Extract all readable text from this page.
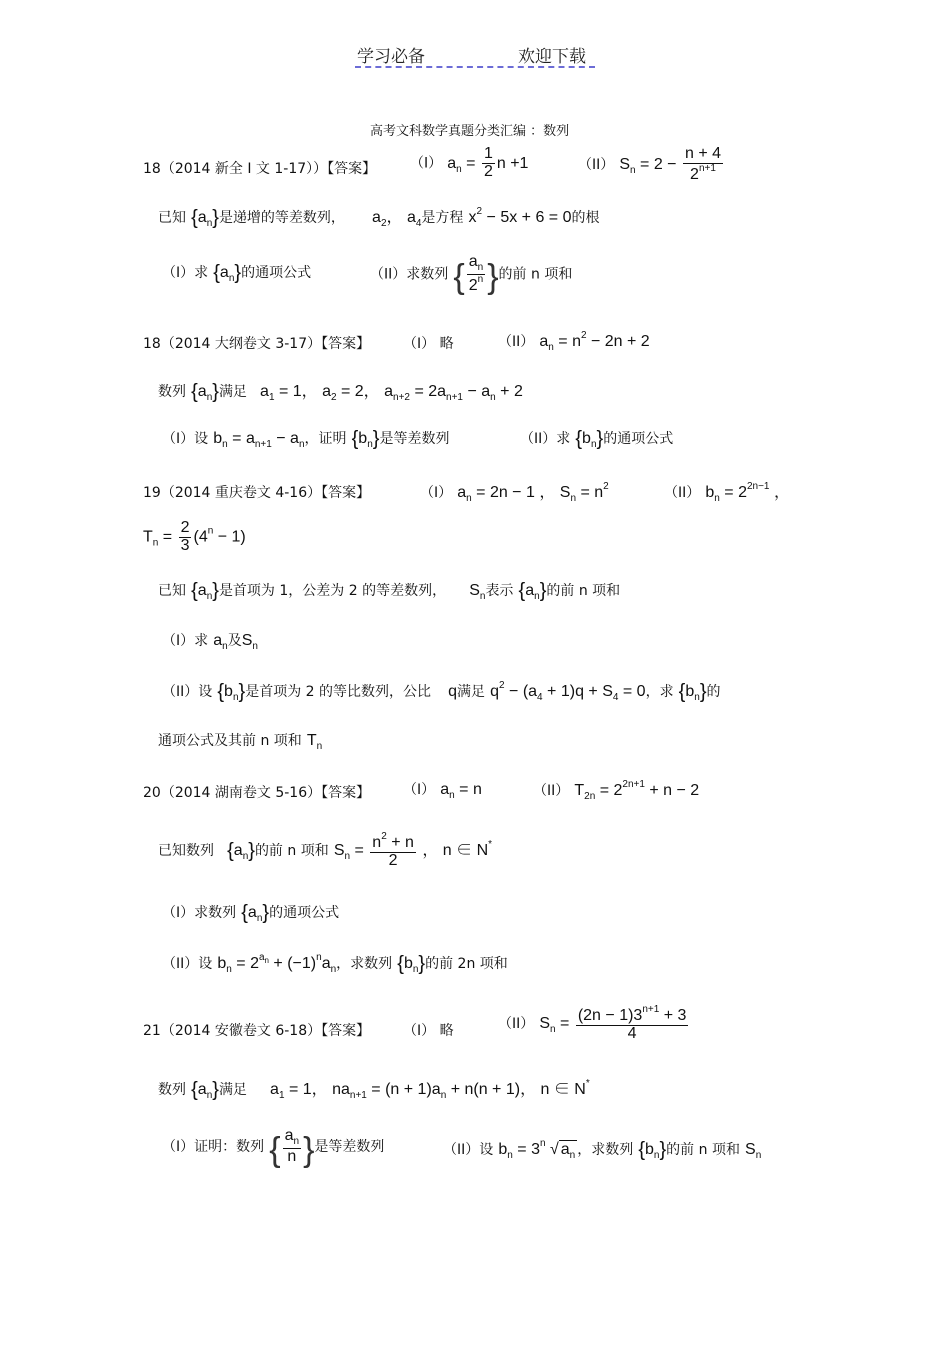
学习必备	欢迎下载
高考文科数学真题分类汇编 ：数列
18（2014 新全 I 文 1-17））【答案】 （I） $a_n = \frac{1}{2}$ n +1	（II） $S_n = 2 - \frac{n + 4}{2^{n+1}}$
已知 $\{a_n\}$是递增的等差数列， $a_2$， $a_4$是方程 $x^2 - 5x + 6 = 0$的根
（I）求 $\{a_n\}$的通项公式	（II）求数列 { $\frac{a_n}{2^n}$ }的前 n 项和
18（2014 大纲卷文 3-17）【答案】 （I） 略	（II） $a_n = n^2 - 2n + 2$
数列 $\{a_n\}$满足 $a_1 = 1$， $a_2 = 2$， $a_{n+2} = 2a_{n+1} - a_n + 2$
（I）设 $b_n = a_{n+1} - a_n$，证明 $\{b_n\}$是等差数列	（II）求 $\{b_n\}$的通项公式
19（2014 重庆卷文 4-16）【答案】	（I） $a_n = 2n - 1$ ， $S_n = n^2$	（II） $b_n = 2^{2n-1}$ ，
$T_n = \frac{2}{3} (4^n - 1)$
已知 $\{a_n\}$是首项为 1，公差为 2 的等差数列， $S_n$表示 $\{a_n\}$的前 n 项和
（I）求 $a_n$及$S_n$
（II）设 $\{b_n\}$是首项为 2 的等比数列，公比 q满足 $q^2 - (a_4 + 1)q + S_4 = 0$，求 $\{b_n\}$的
通项公式及其前 n 项和 $T_n$
20（2014 湖南卷文 5-16）【答案】 （I） $a_n = n$	（II） $T_{2n} = 2^{2n+1} + n - 2$
已知数列 $\{a_n\}$的前 n 项和 $S_n = \frac{n^2 + n}{2}$ ， n ∈ N*
（I）求数列 $\{a_n\}$的通项公式
（II）设 $b_n = 2^{a_n} + (-1)^na_n$，求数列 $\{b_n\}$的前 2n 项和
21（2014 安徽卷文 6-18）【答案】 （I） 略	（II） $S_n = \frac{(2n - 1)3^{n+1} + 3}{4}$
数列 $\{a_n\}$满足 $a_1 = 1$， $na_{n+1} = (n + 1)a_n + n(n + 1)$， n ∈ N*
（I）证明：数列 { $\frac{a_n}{n}$ }是等差数列	（II）设 $b_n = 3^n$ √ $a_n$ ，求数列 $\{b_n\}$的前 n 项和 $S_n$
